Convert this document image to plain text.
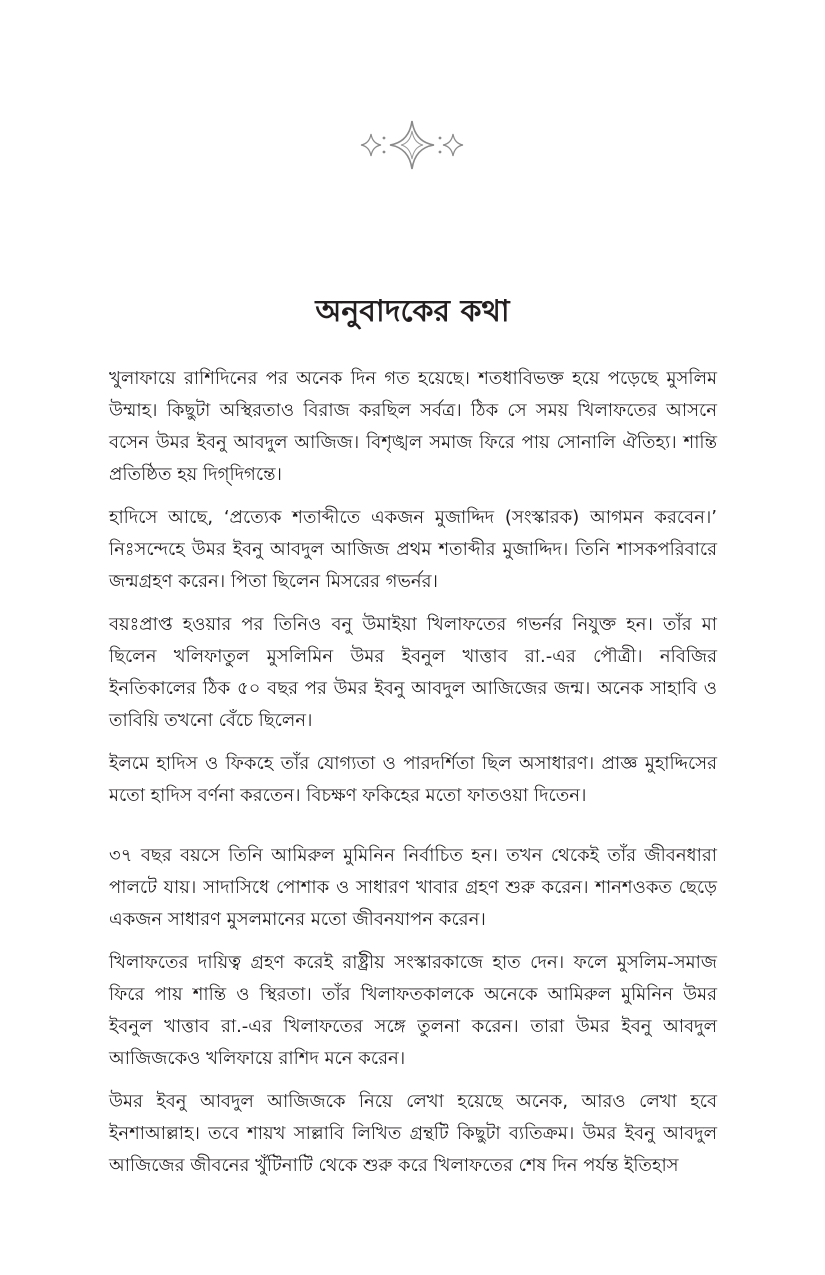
অনুবাদকের কথা

খুলাফায়ে রাশিদিনের পর অনেক দিন গত হয়েছে। শতধাবিভক্ত হয়ে পড়েছে মুসলিম উম্মাহ। কিছুটা অস্থিরতাও বিরাজ করছিল সর্বত্র। ঠিক সে সময় খিলাফতের আসনে বসেন উমর ইবনু আবদুল আজিজ। বিশৃঙ্খল সমাজ ফিরে পায় সোনালি ঐতিহ্য। শান্তি প্রতিষ্ঠিত হয় দিগ্‌দিগন্তে।

হাদিসে আছে, ‘প্রত্যেক শতাব্দীতে একজন মুজাদ্দিদ (সংস্কারক) আগমন করবেন।’ নিঃসন্দেহে উমর ইবনু আবদুল আজিজ প্রথম শতাব্দীর মুজাদ্দিদ। তিনি শাসকপরিবারে জন্মগ্রহণ করেন। পিতা ছিলেন মিসরের গভর্নর।

বয়ঃপ্রাপ্ত হওয়ার পর তিনিও বনু উমাইয়া খিলাফতের গভর্নর নিযুক্ত হন। তাঁর মা ছিলেন খলিফাতুল মুসলিমিন উমর ইবনুল খাত্তাব রা.-এর পৌত্রী। নবিজির ইনতিকালের ঠিক ৫০ বছর পর উমর ইবনু আবদুল আজিজের জন্ম। অনেক সাহাবি ও তাবিয়ি তখনো বেঁচে ছিলেন।

ইলমে হাদিস ও ফিকহে তাঁর যোগ্যতা ও পারদর্শিতা ছিল অসাধারণ। প্রাজ্ঞ মুহাদ্দিসের মতো হাদিস বর্ণনা করতেন। বিচক্ষণ ফকিহের মতো ফাতওয়া দিতেন।

৩৭ বছর বয়সে তিনি আমিরুল মুমিনিন নির্বাচিত হন। তখন থেকেই তাঁর জীবনধারা পালটে যায়। সাদাসিধে পোশাক ও সাধারণ খাবার গ্রহণ শুরু করেন। শানশওকত ছেড়ে একজন সাধারণ মুসলমানের মতো জীবনযাপন করেন।

খিলাফতের দায়িত্ব গ্রহণ করেই রাষ্ট্রীয় সংস্কারকাজে হাত দেন। ফলে মুসলিম-সমাজ ফিরে পায় শান্তি ও স্থিরতা। তাঁর খিলাফতকালকে অনেকে আমিরুল মুমিনিন উমর ইবনুল খাত্তাব রা.-এর খিলাফতের সঙ্গে তুলনা করেন। তারা উমর ইবনু আবদুল আজিজকেও খলিফায়ে রাশিদ মনে করেন।

উমর ইবনু আবদুল আজিজকে নিয়ে লেখা হয়েছে অনেক, আরও লেখা হবে ইনশাআল্লাহ। তবে শায়খ সাল্লাবি লিখিত গ্রন্থটি কিছুটা ব্যতিক্রম। উমর ইবনু আবদুল আজিজের জীবনের খুঁটিনাটি থেকে শুরু করে খিলাফতের শেষ দিন পর্যন্ত ইতিহাস
